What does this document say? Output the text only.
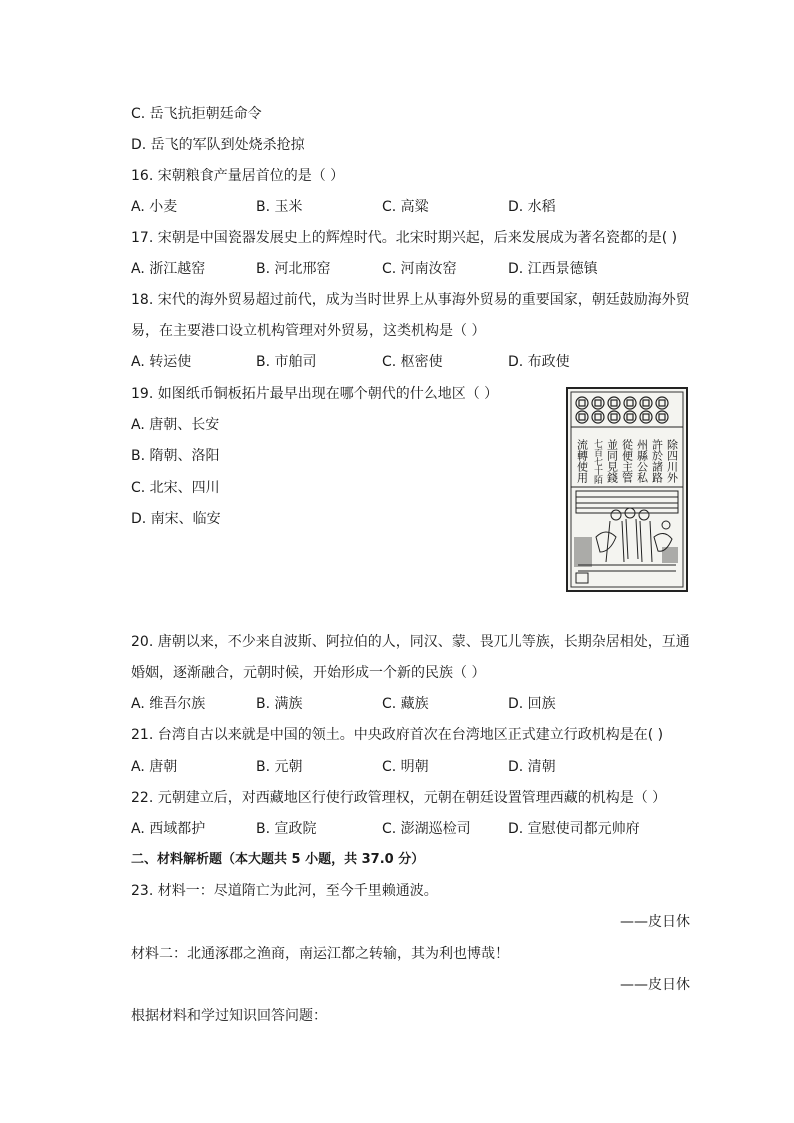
C. 岳飞抗拒朝廷命令
D. 岳飞的军队到处烧杀抢掠
16. 宋朝粮食产量居首位的是（ ）
A. 小麦	B. 玉米	C. 高粱	D. 水稻
17. 宋朝是中国瓷器发展史上的辉煌时代。北宋时期兴起，后来发展成为著名瓷都的是( )
A. 浙江越窑	B. 河北邢窑	C. 河南汝窑	D. 江西景德镇
18. 宋代的海外贸易超过前代，成为当时世界上从事海外贸易的重要国家，朝廷鼓励海外贸
易，在主要港口设立机构管理对外贸易，这类机构是（ ）
A. 转运使	B. 市舶司	C. 枢密使	D. 布政使
19. 如图纸币铜板拓片最早出现在哪个朝代的什么地区（ ）
A. 唐朝、长安
B. 隋朝、洛阳
C. 北宋、四川
D. 南宋、临安
除四川外
許於諸路
州縣公私
從便主管
並同見錢
七百七十陌
流轉使用
20. 唐朝以来，不少来自波斯、阿拉伯的人，同汉、蒙、畏兀儿等族，长期杂居相处，互通
婚姻，逐渐融合，元朝时候，开始形成一个新的民族（ ）
A. 维吾尔族	B. 满族	C. 藏族	D. 回族
21. 台湾自古以来就是中国的领土。中央政府首次在台湾地区正式建立行政机构是在( )
A. 唐朝	B. 元朝	C. 明朝	D. 清朝
22. 元朝建立后，对西藏地区行使行政管理权，元朝在朝廷设置管理西藏的机构是（ ）
A. 西域都护	B. 宣政院	C. 澎湖巡检司	D. 宣慰使司都元帅府
二、材料解析题（本大题共 5 小题，共 37.0 分）
23. 材料一：尽道隋亡为此河，至今千里赖通波。
——皮日休
材料二：北通涿郡之渔商，南运江都之转输，其为利也博哉！
——皮日休
根据材料和学过知识回答问题：
